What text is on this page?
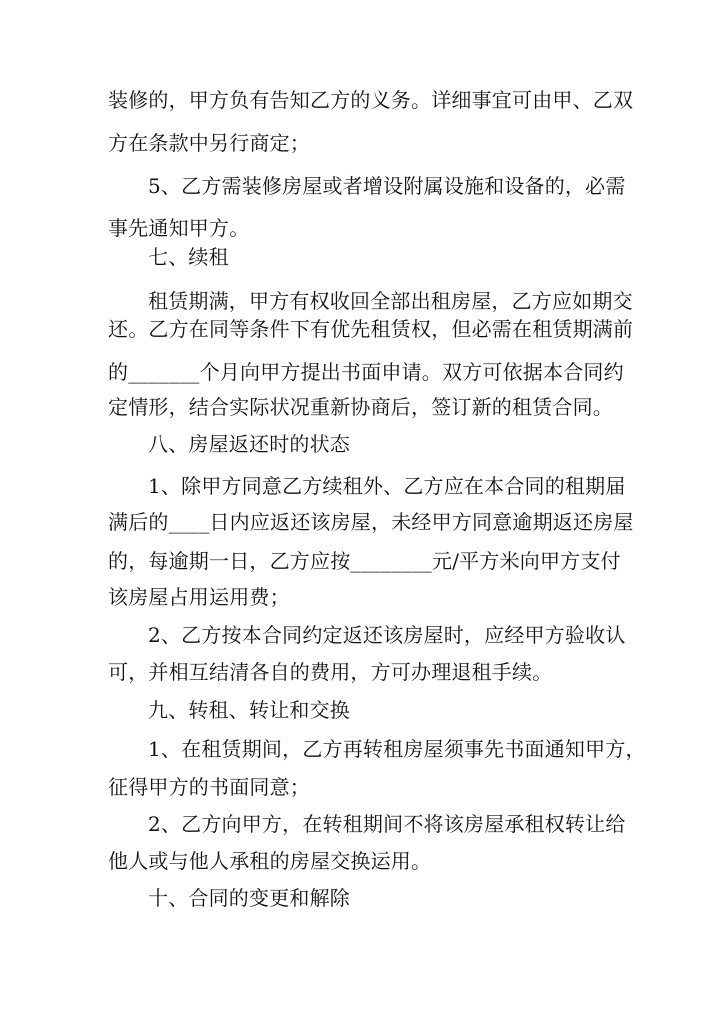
装修的，甲方负有告知乙方的义务。详细事宜可由甲、乙双
方在条款中另行商定；
5、乙方需装修房屋或者增设附属设施和设备的，必需
事先通知甲方。
七、续租
租赁期满，甲方有权收回全部出租房屋，乙方应如期交
还。乙方在同等条件下有优先租赁权，但必需在租赁期满前
的_______个月向甲方提出书面申请。双方可依据本合同约
定情形，结合实际状况重新协商后，签订新的租赁合同。
八、房屋返还时的状态
1、除甲方同意乙方续租外、乙方应在本合同的租期届
满后的____日内应返还该房屋，未经甲方同意逾期返还房屋
的，每逾期一日，乙方应按________元/平方米向甲方支付
该房屋占用运用费；
2、乙方按本合同约定返还该房屋时，应经甲方验收认
可，并相互结清各自的费用，方可办理退租手续。
九、转租、转让和交换
1、在租赁期间，乙方再转租房屋须事先书面通知甲方，
征得甲方的书面同意；
2、乙方向甲方，在转租期间不将该房屋承租权转让给
他人或与他人承租的房屋交换运用。
十、合同的变更和解除
